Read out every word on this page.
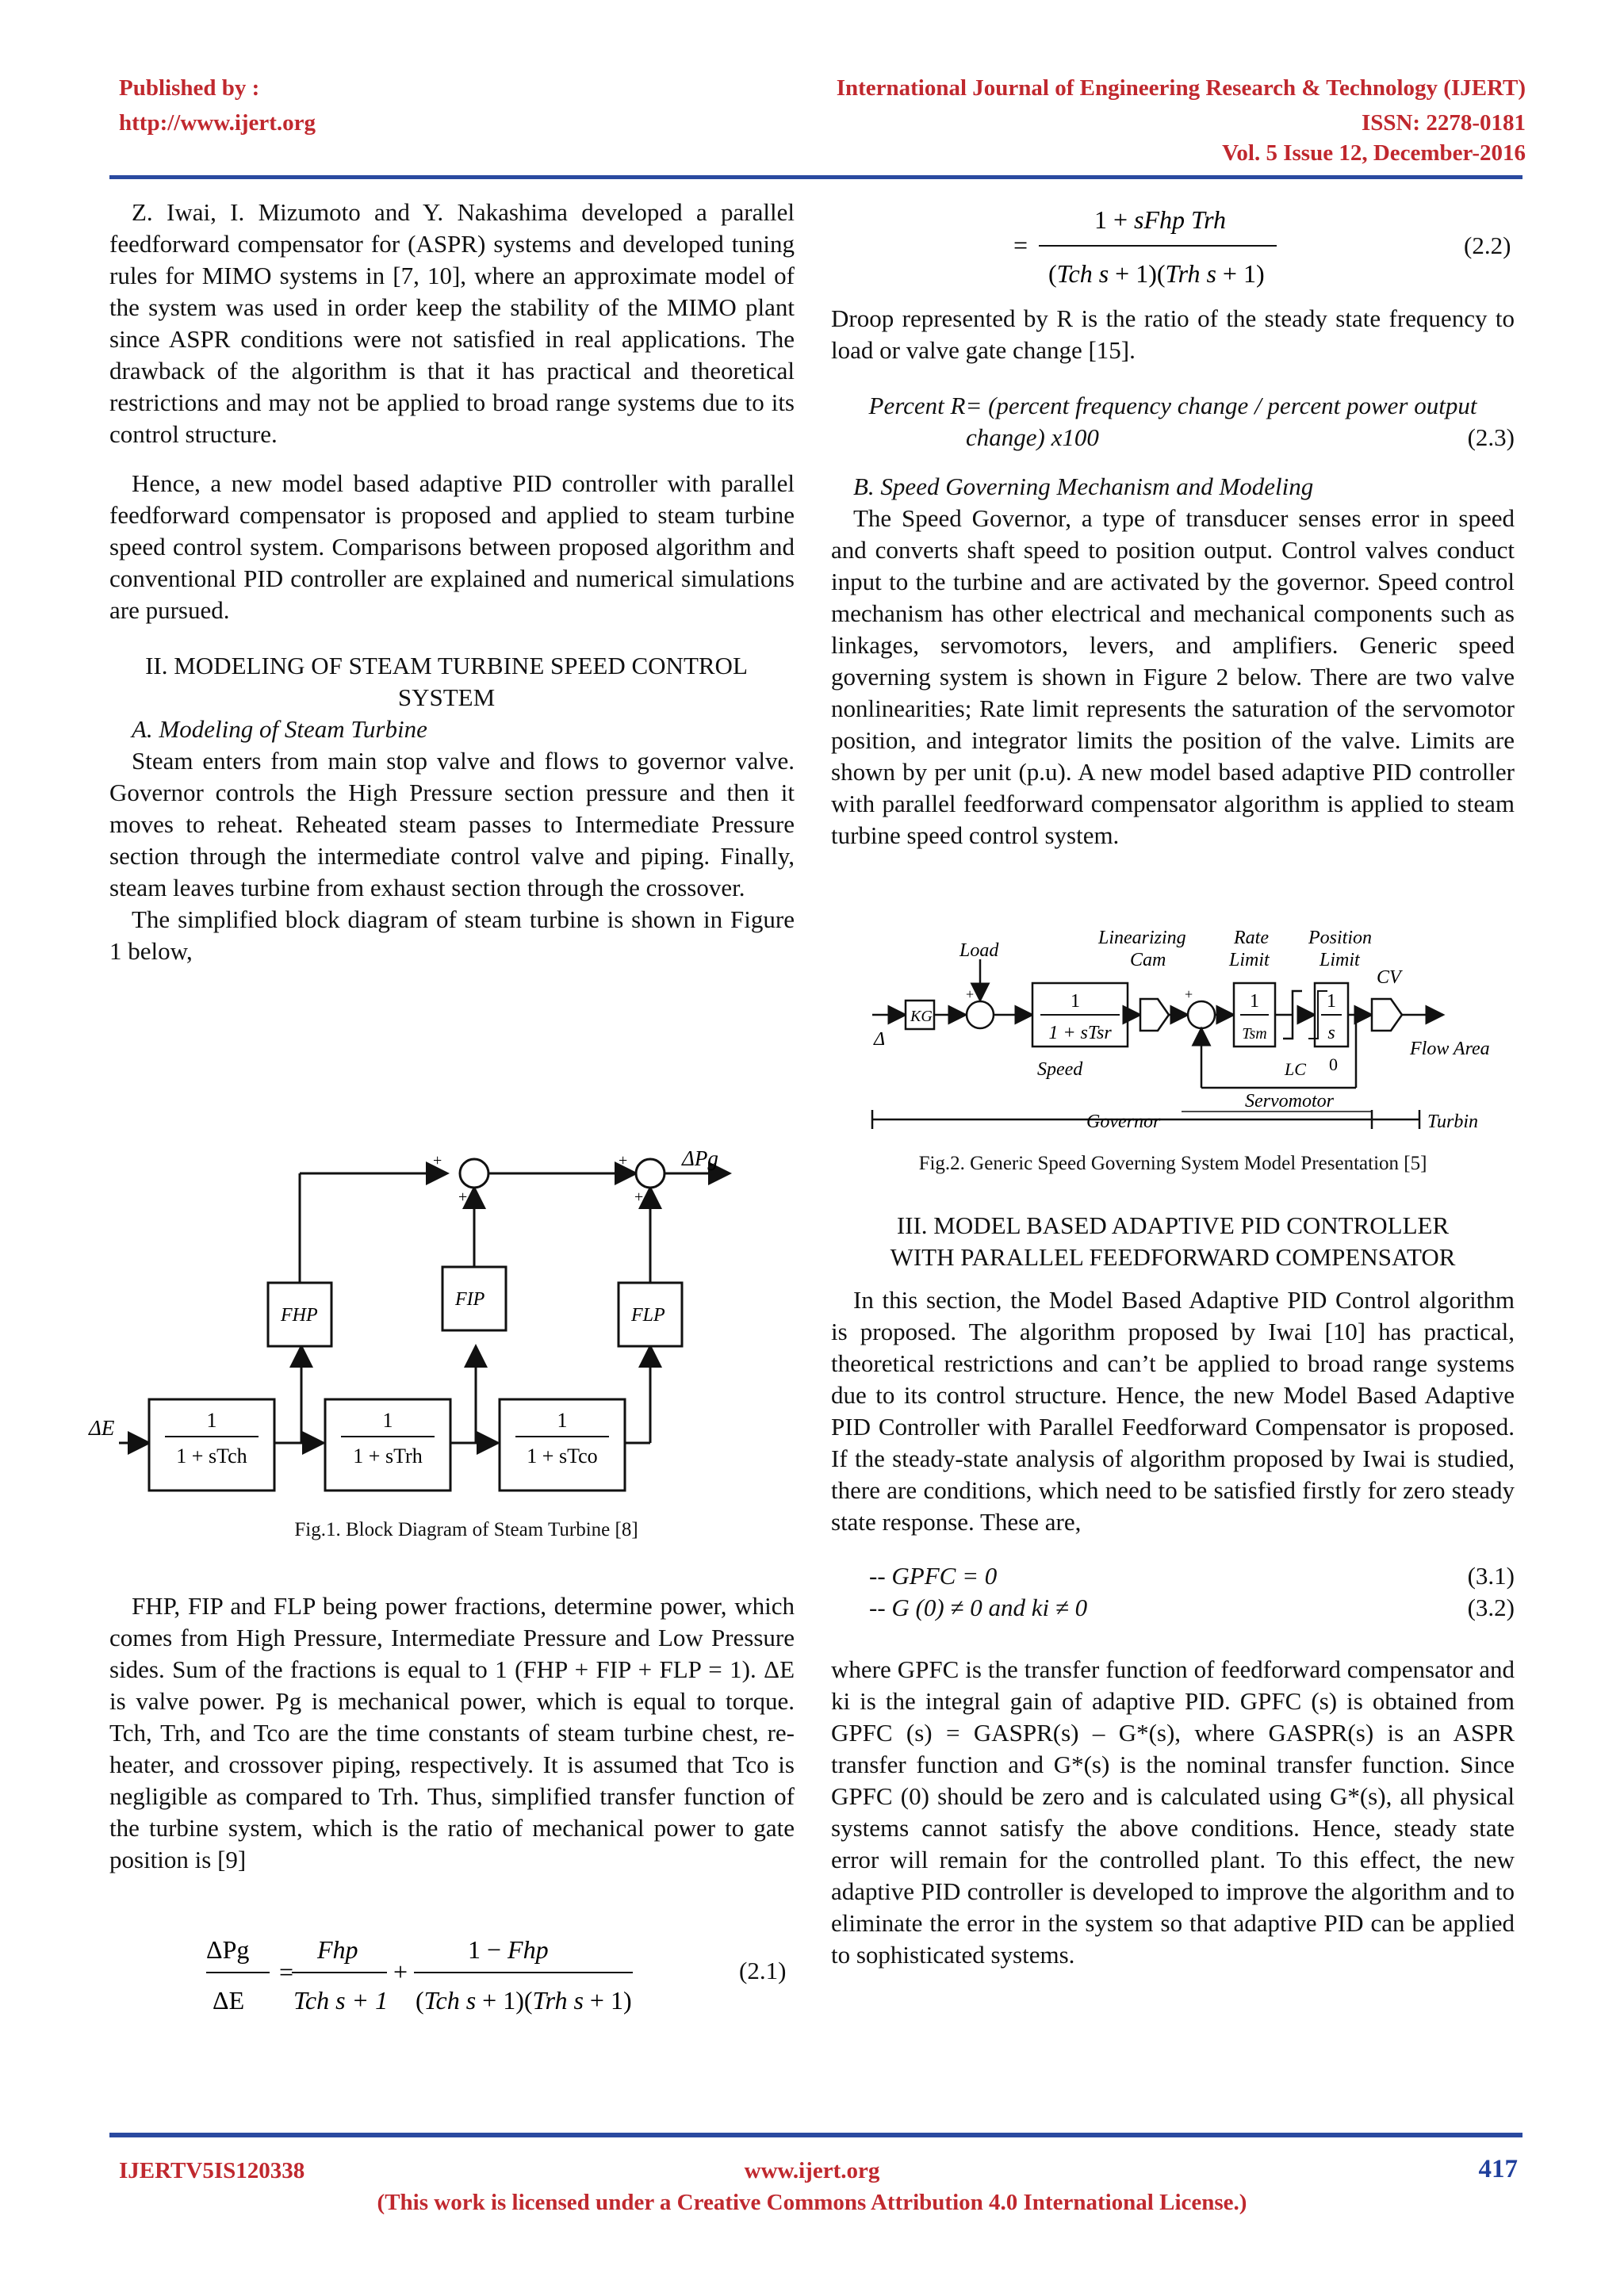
Published by :
http://www.ijert.org
International Journal of Engineering Research & Technology (IJERT)
ISSN: 2278-0181
Vol. 5 Issue 12, December-2016

Z. Iwai, I. Mizumoto and Y. Nakashima developed a parallel feedforward compensator for (ASPR) systems and developed tuning rules for MIMO systems in [7, 10], where an approximate model of the system was used in order keep the stability of the MIMO plant since ASPR conditions were not satisfied in real applications. The drawback of the algorithm is that it has practical and theoretical restrictions and may not be applied to broad range systems due to its control structure.

Hence, a new model based adaptive PID controller with parallel feedforward compensator is proposed and applied to steam turbine speed control system. Comparisons between proposed algorithm and conventional PID controller are explained and numerical simulations are pursued.

II. MODELING OF STEAM TURBINE SPEED CONTROL SYSTEM

A. Modeling of Steam Turbine

Steam enters from main stop valve and flows to governor valve. Governor controls the High Pressure section pressure and then it moves to reheat. Reheated steam passes to Intermediate Pressure section through the intermediate control valve and piping. Finally, steam leaves turbine from exhaust section through the crossover.

The simplified block diagram of steam turbine is shown in Figure 1 below,

ΔE
ΔPg
+
+
+
+
FHP
FIP
FLP
1
1 + sTch
1
1 + sTrh
1
1 + sTco
Fig.1. Block Diagram of Steam Turbine [8]

FHP, FIP and FLP being power fractions, determine power, which comes from High Pressure, Intermediate Pressure and Low Pressure sides. Sum of the fractions is equal to 1 (FHP + FIP + FLP = 1). ΔE is valve power. Pg is mechanical power, which is equal to torque. Tch, Trh, and Tco are the time constants of steam turbine chest, re-heater, and crossover piping, respectively. It is assumed that Tco is negligible as compared to Trh. Thus, simplified transfer function of the turbine system, which is the ratio of mechanical power to gate position is [9]

ΔPg
ΔE
=
Fhp
Tch s + 1
+
1 − Fhp
(Tch s + 1)(Trh s + 1)
(2.1)
1 + sFhp Trh
=
(Tch s + 1)(Trh s + 1)
(2.2)

Droop represented by R is the ratio of the steady state frequency to load or valve gate change [15].

Percent R= (percent frequency change / percent power output

change) x100	(2.3)

B. Speed Governing Mechanism and Modeling

The Speed Governor, a type of transducer senses error in speed and converts shaft speed to position output. Control valves conduct input to the turbine and are activated by the governor. Speed control mechanism has other electrical and mechanical components such as linkages, servomotors, levers, and amplifiers. Generic speed governing system is shown in Figure 2 below. There are two valve nonlinearities; Rate limit represents the saturation of the servomotor position, and integrator limits the position of the valve. Limits are shown by per unit (p.u). A new model based adaptive PID controller with parallel feedforward compensator algorithm is applied to steam turbine speed control system.

Load
Linearizing
Cam
Rate
Limit
Position
Limit
CV
KG
Δ
+	+
1
1 + sTsr
1
Tsm
1
s
Speed	LC 0
Flow Area
Servomotor
Governor	Turbin
Fig.2. Generic Speed Governing System Model Presentation [5]

III. MODEL BASED ADAPTIVE PID CONTROLLER

WITH PARALLEL FEEDFORWARD COMPENSATOR

In this section, the Model Based Adaptive PID Control algorithm is proposed. The algorithm proposed by Iwai [10] has practical, theoretical restrictions and can’t be applied to broad range systems due to its control structure. Hence, the new Model Based Adaptive PID Controller with Parallel Feedforward Compensator is proposed. If the steady-state analysis of algorithm proposed by Iwai is studied, there are conditions, which need to be satisfied firstly for zero steady state response. These are,

-- GPFC = 0	(3.1)
-- G (0) ≠ 0 and ki ≠ 0	(3.2)

where GPFC is the transfer function of feedforward compensator and ki is the integral gain of adaptive PID. GPFC (s) is obtained from GPFC (s) = GASPR(s) – G*(s), where GASPR(s) is an ASPR transfer function and G*(s) is the nominal transfer function. Since GPFC (0) should be zero and is calculated using G*(s), all physical systems cannot satisfy the above conditions. Hence, steady state error will remain for the controlled plant. To this effect, the new adaptive PID controller is developed to improve the algorithm and to eliminate the error in the system so that adaptive PID can be applied to sophisticated systems.

IJERTV5IS120338	www.ijert.org	417
(This work is licensed under a Creative Commons Attribution 4.0 International License.)
